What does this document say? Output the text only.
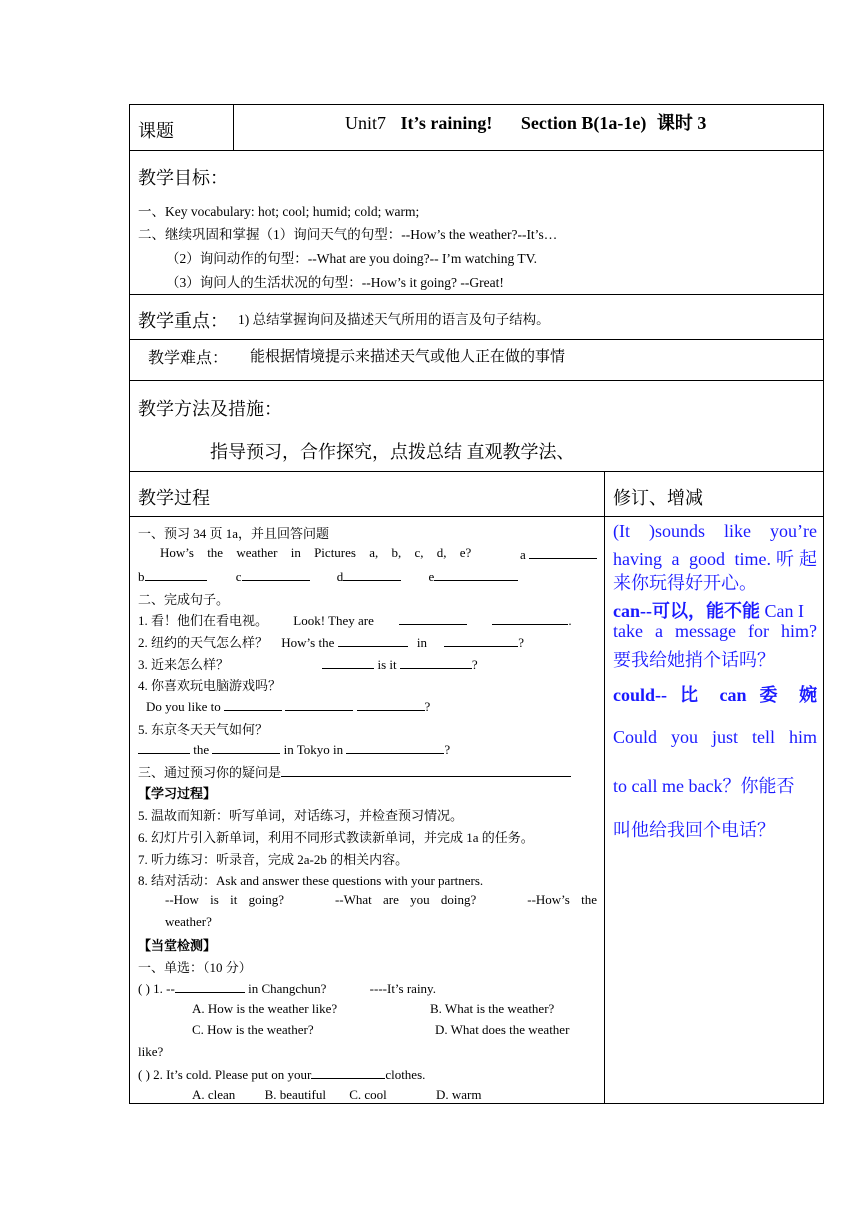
课题	Unit7 It’s raining! Section B(1a-1e) 课时 3
教学目标：
一、Key vocabulary: hot; cool; humid; cold; warm;
二、继续巩固和掌握（1）询问天气的句型：--How’s the weather?--It’s…
（2）询问动作的句型：--What are you doing?-- I’m watching TV.
（3）询问人的生活状况的句型：--How’s it going? --Great!
教学重点： 1) 总结掌握询问及描述天气所用的语言及句子结构。
教学难点： 能根据情境提示来描述天气或他人正在做的事情
教学方法及措施：
指导预习，合作探究，点拨总结 直观教学法、
教学过程	修订、增减
一、预习 34 页 1a，并且回答问题
How’s the weather in Pictures a, b, c, d, e?	a
b	c	d	e
二、完成句子。
1. 看！他们在看电视。 Look! They are	.
2. 纽约的天气怎么样？ How’s the	in	?
3. 近来怎么样？	is it	?
4. 你喜欢玩电脑游戏吗？
Do you like to	?
5. 东京冬天天气如何？
the	in Tokyo in	?
三、通过预习你的疑问是
【学习过程】
5. 温故而知新：听写单词，对话练习，并检查预习情况。
6. 幻灯片引入新单词，利用不同形式教读新单词，并完成 1a 的任务。
7. 听力练习：听录音，完成 2a-2b 的相关内容。
8. 结对活动：Ask and answer these questions with your partners.
--How is it going?	--What are you doing?	--How’s the
weather?
【当堂检测】
一、单选：（10 分）
( ) 1. --	in Changchun?	----It’s rainy.
A. How is the weather like?	B. What is the weather?
C. How is the weather?	D. What does the weather
like?
( ) 2. It’s cold. Please put on your	clothes.
A. clean B. beautiful C. cool	D. warm
(It )sounds like you’re
having a good time.听起
来你玩得好开心。
can--可以，能不能 Can I
take a message for him?
要我给她捎个话吗？
could-- 比 can 委 婉
Could you just tell him
to call me back？你能否
叫他给我回个电话？
